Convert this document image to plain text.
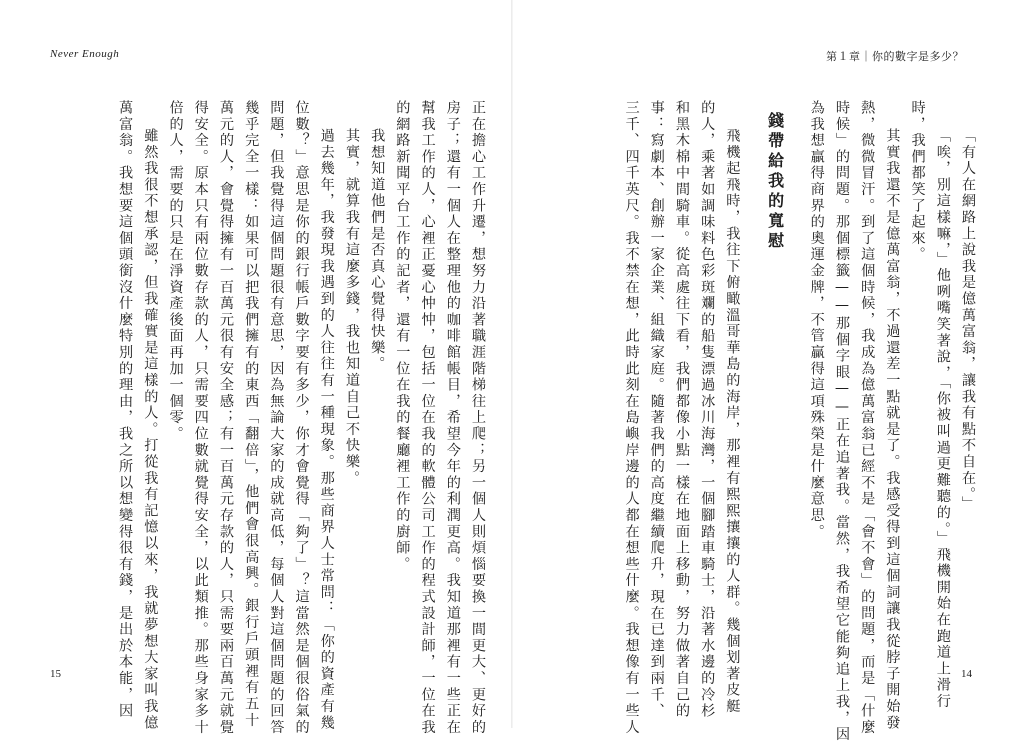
Never Enough
正在擔心工作升遷，想努力沿著職涯階梯往上爬；另一個人則煩惱要換一間更大、更好的
房子；還有一個人在整理他的咖啡館帳目，希望今年的利潤更高。我知道那裡有一些正在
幫我工作的人，心裡正憂心忡忡，包括一位在我的軟體公司工作的程式設計師，一位在我
的網路新聞平台工作的記者，還有一位在我的餐廳裡工作的廚師。
我想知道他們是否真心覺得快樂。
其實，就算我有這麼多錢，我也知道自己不快樂。
過去幾年，我發現我遇到的人往往有一種現象。那些商界人士常問：「你的資產有幾
位數？」意思是你的銀行帳戶數字要有多少，你才會覺得「夠了」？這當然是個很俗氣的
問題，但我覺得這個問題很有意思，因為無論大家的成就高低，每個人對這個問題的回答
幾乎完全一樣：如果可以把我們擁有的東西「翻倍」，他們會很高興。銀行戶頭裡有五十
萬元的人，會覺得擁有一百萬元很有安全感；有一百萬元存款的人，只需要兩百萬元就覺
得安全。原本只有兩位數存款的人，只需要四位數就覺得安全，以此類推。那些身家多十
倍的人，需要的只是在淨資產後面再加一個零。
雖然我很不想承認，但我確實是這樣的人。打從我有記憶以來，我就夢想大家叫我億
萬富翁。我想要這個頭銜沒什麼特別的理由，我之所以想變得很有錢，是出於本能，因
15
第１章｜你的數字是多少？
「有人在網路上說我是億萬富翁，讓我有點不自在。」
「唉，別這樣嘛，」他咧嘴笑著說，「你被叫過更難聽的。」飛機開始在跑道上滑行
時，我們都笑了起來。
其實我還不是億萬富翁，不過還差一點就是了。我感受得到這個詞讓我從脖子開始發
熱，微微冒汗。到了這個時候，我成為億萬富翁已經不是「會不會」的問題，而是「什麼
時候」的問題。那個標籤——那個字眼——正在追著我。當然，我希望它能夠追上我，因
為我想贏得商界的奧運金牌，不管贏得這項殊榮是什麼意思。
錢帶給我的寬慰
飛機起飛時，我往下俯瞰溫哥華島的海岸，那裡有熙熙攘攘的人群。幾個划著皮艇
的人，乘著如調味料色彩斑斕的船隻漂過冰川海灣，一個腳踏車騎士，沿著水邊的冷杉
和黑木棉中間騎車。從高處往下看，我們都像小點一樣在地面上移動，努力做著自己的
事：寫劇本、創辦一家企業、組織家庭。隨著我們的高度繼續爬升，現在已達到兩千、
三千、四千英尺。我不禁在想，此時此刻在島嶼岸邊的人都在想些什麼。我想像有一些人	14
